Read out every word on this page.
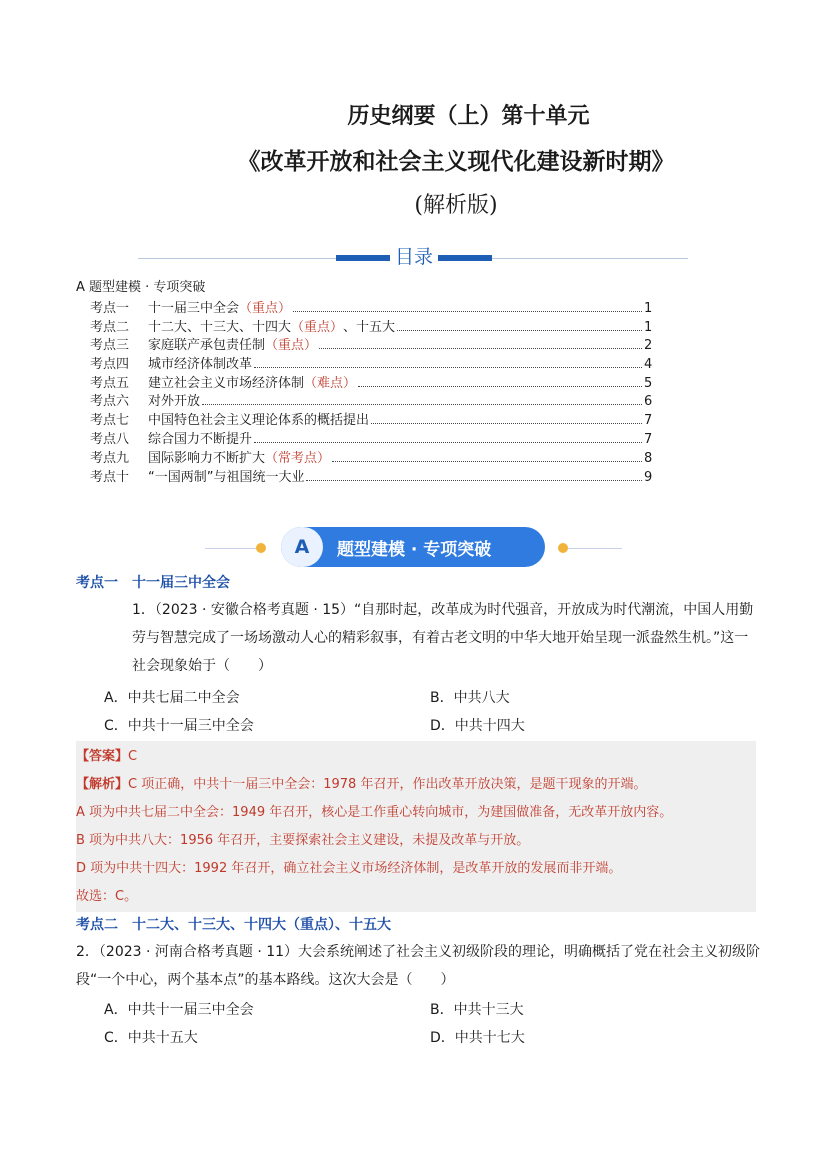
历史纲要（上）第十单元
《改革开放和社会主义现代化建设新时期》
(解析版)
目录
A 题型建模 · 专项突破
考点一	十一届三中全会 （重点）	1
考点二	十二大、十三大、十四大 （重点） 、十五大	1
考点三	家庭联产承包责任制 （重点）	2
考点四	城市经济体制改革	4
考点五	建立社会主义市场经济体制 （难点）	5
考点六	对外开放	6
考点七	中国特色社会主义理论体系的概括提出	7
考点八	综合国力不断提升	7
考点九	国际影响力不断扩大 （常考点）	8
考点十	“一国两制”与祖国统一大业	9
A	题型建模 · 专项突破
考点一　十一届三中全会
1．（2023 · 安徽合格考真题 · 15）“自那时起，改革成为时代强音，开放成为时代潮流，中国人用勤劳与智慧完成了一场场激动人心的精彩叙事，有着古老文明的中华大地开始呈现一派盎然生机。”这一社会现象始于（　　）
A．中共七届二中全会	B．中共八大
C．中共十一届三中全会	D．中共十四大
【答案】C
【解析】C 项正确，中共十一届三中全会：1978 年召开，作出改革开放决策，是题干现象的开端。
A 项为中共七届二中全会：1949 年召开，核心是工作重心转向城市，为建国做准备，无改革开放内容。
B 项为中共八大：1956 年召开，主要探索社会主义建设，未提及改革与开放。
D 项为中共十四大：1992 年召开，确立社会主义市场经济体制，是改革开放的发展而非开端。
故选：C。
考点二　十二大、十三大、十四大（重点）、十五大
2．（2023 · 河南合格考真题 · 11）大会系统阐述了社会主义初级阶段的理论，明确概括了党在社会主义初级阶段“一个中心，两个基本点”的基本路线。这次大会是（　　）
A．中共十一届三中全会	B．中共十三大
C．中共十五大	D．中共十七大
